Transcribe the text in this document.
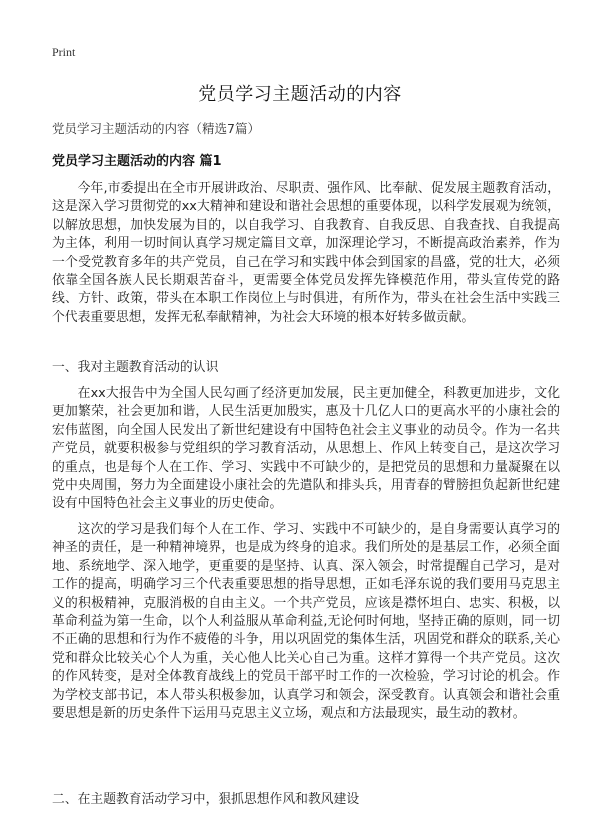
Print
党员学习主题活动的内容

党员学习主题活动的内容（精选7篇）

党员学习主题活动的内容 篇1

今年,市委提出在全市开展讲政治、尽职责、强作风、比奉献、促发展主题教育活动，这是深入学习贯彻党的xx大精神和建设和谐社会思想的重要体现，以科学发展观为统领，以解放思想，加快发展为目的，以自我学习、自我教育、自我反思、自我查找、自我提高为主体，利用一切时间认真学习规定篇目文章，加深理论学习，不断提高政治素养，作为一个受党教育多年的共产党员，自己在学习和实践中体会到国家的昌盛，党的壮大，必须依靠全国各族人民长期艰苦奋斗，更需要全体党员发挥先锋模范作用，带头宣传党的路线、方针、政策，带头在本职工作岗位上与时俱进，有所作为，带头在社会生活中实践三个代表重要思想，发挥无私奉献精神，为社会大环境的根本好转多做贡献。

一、我对主题教育活动的认识

在xx大报告中为全国人民勾画了经济更加发展，民主更加健全，科教更加进步，文化更加繁荣，社会更加和谐，人民生活更加殷实，惠及十几亿人口的更高水平的小康社会的宏伟蓝图，向全国人民发出了新世纪建设有中国特色社会主义事业的动员令。作为一名共产党员，就要积极参与党组织的学习教育活动，从思想上、作风上转变自己，是这次学习的重点，也是每个人在工作、学习、实践中不可缺少的，是把党员的思想和力量凝聚在以党中央周围，努力为全面建设小康社会的先遣队和排头兵，用青春的臂膀担负起新世纪建设有中国特色社会主义事业的历史使命。

这次的学习是我们每个人在工作、学习、实践中不可缺少的，是自身需要认真学习的神圣的责任，是一种精神境界，也是成为终身的追求。我们所处的是基层工作，必须全面地、系统地学、深入地学，更重要的是坚持、认真、深入领会，时常提醒自己学习，是对工作的提高，明确学习三个代表重要思想的指导思想，正如毛泽东说的我们要用马克思主义的积极精神，克服消极的自由主义。一个共产党员，应该是襟怀坦白、忠实、积极，以革命利益为第一生命，以个人利益服从革命利益,无论何时何地，坚持正确的原则，同一切不正确的思想和行为作不疲倦的斗争，用以巩固党的集体生活，巩固党和群众的联系,关心党和群众比较关心个人为重，关心他人比关心自己为重。这样才算得一个共产党员。这次的作风转变，是对全体教育战线上的党员干部平时工作的一次检验，学习讨论的机会。作为学校支部书记，本人带头积极参加，认真学习和领会，深受教育。认真领会和谐社会重要思想是新的历史条件下运用马克思主义立场，观点和方法最现实，最生动的教材。

二、在主题教育活动学习中，狠抓思想作风和教风建设
